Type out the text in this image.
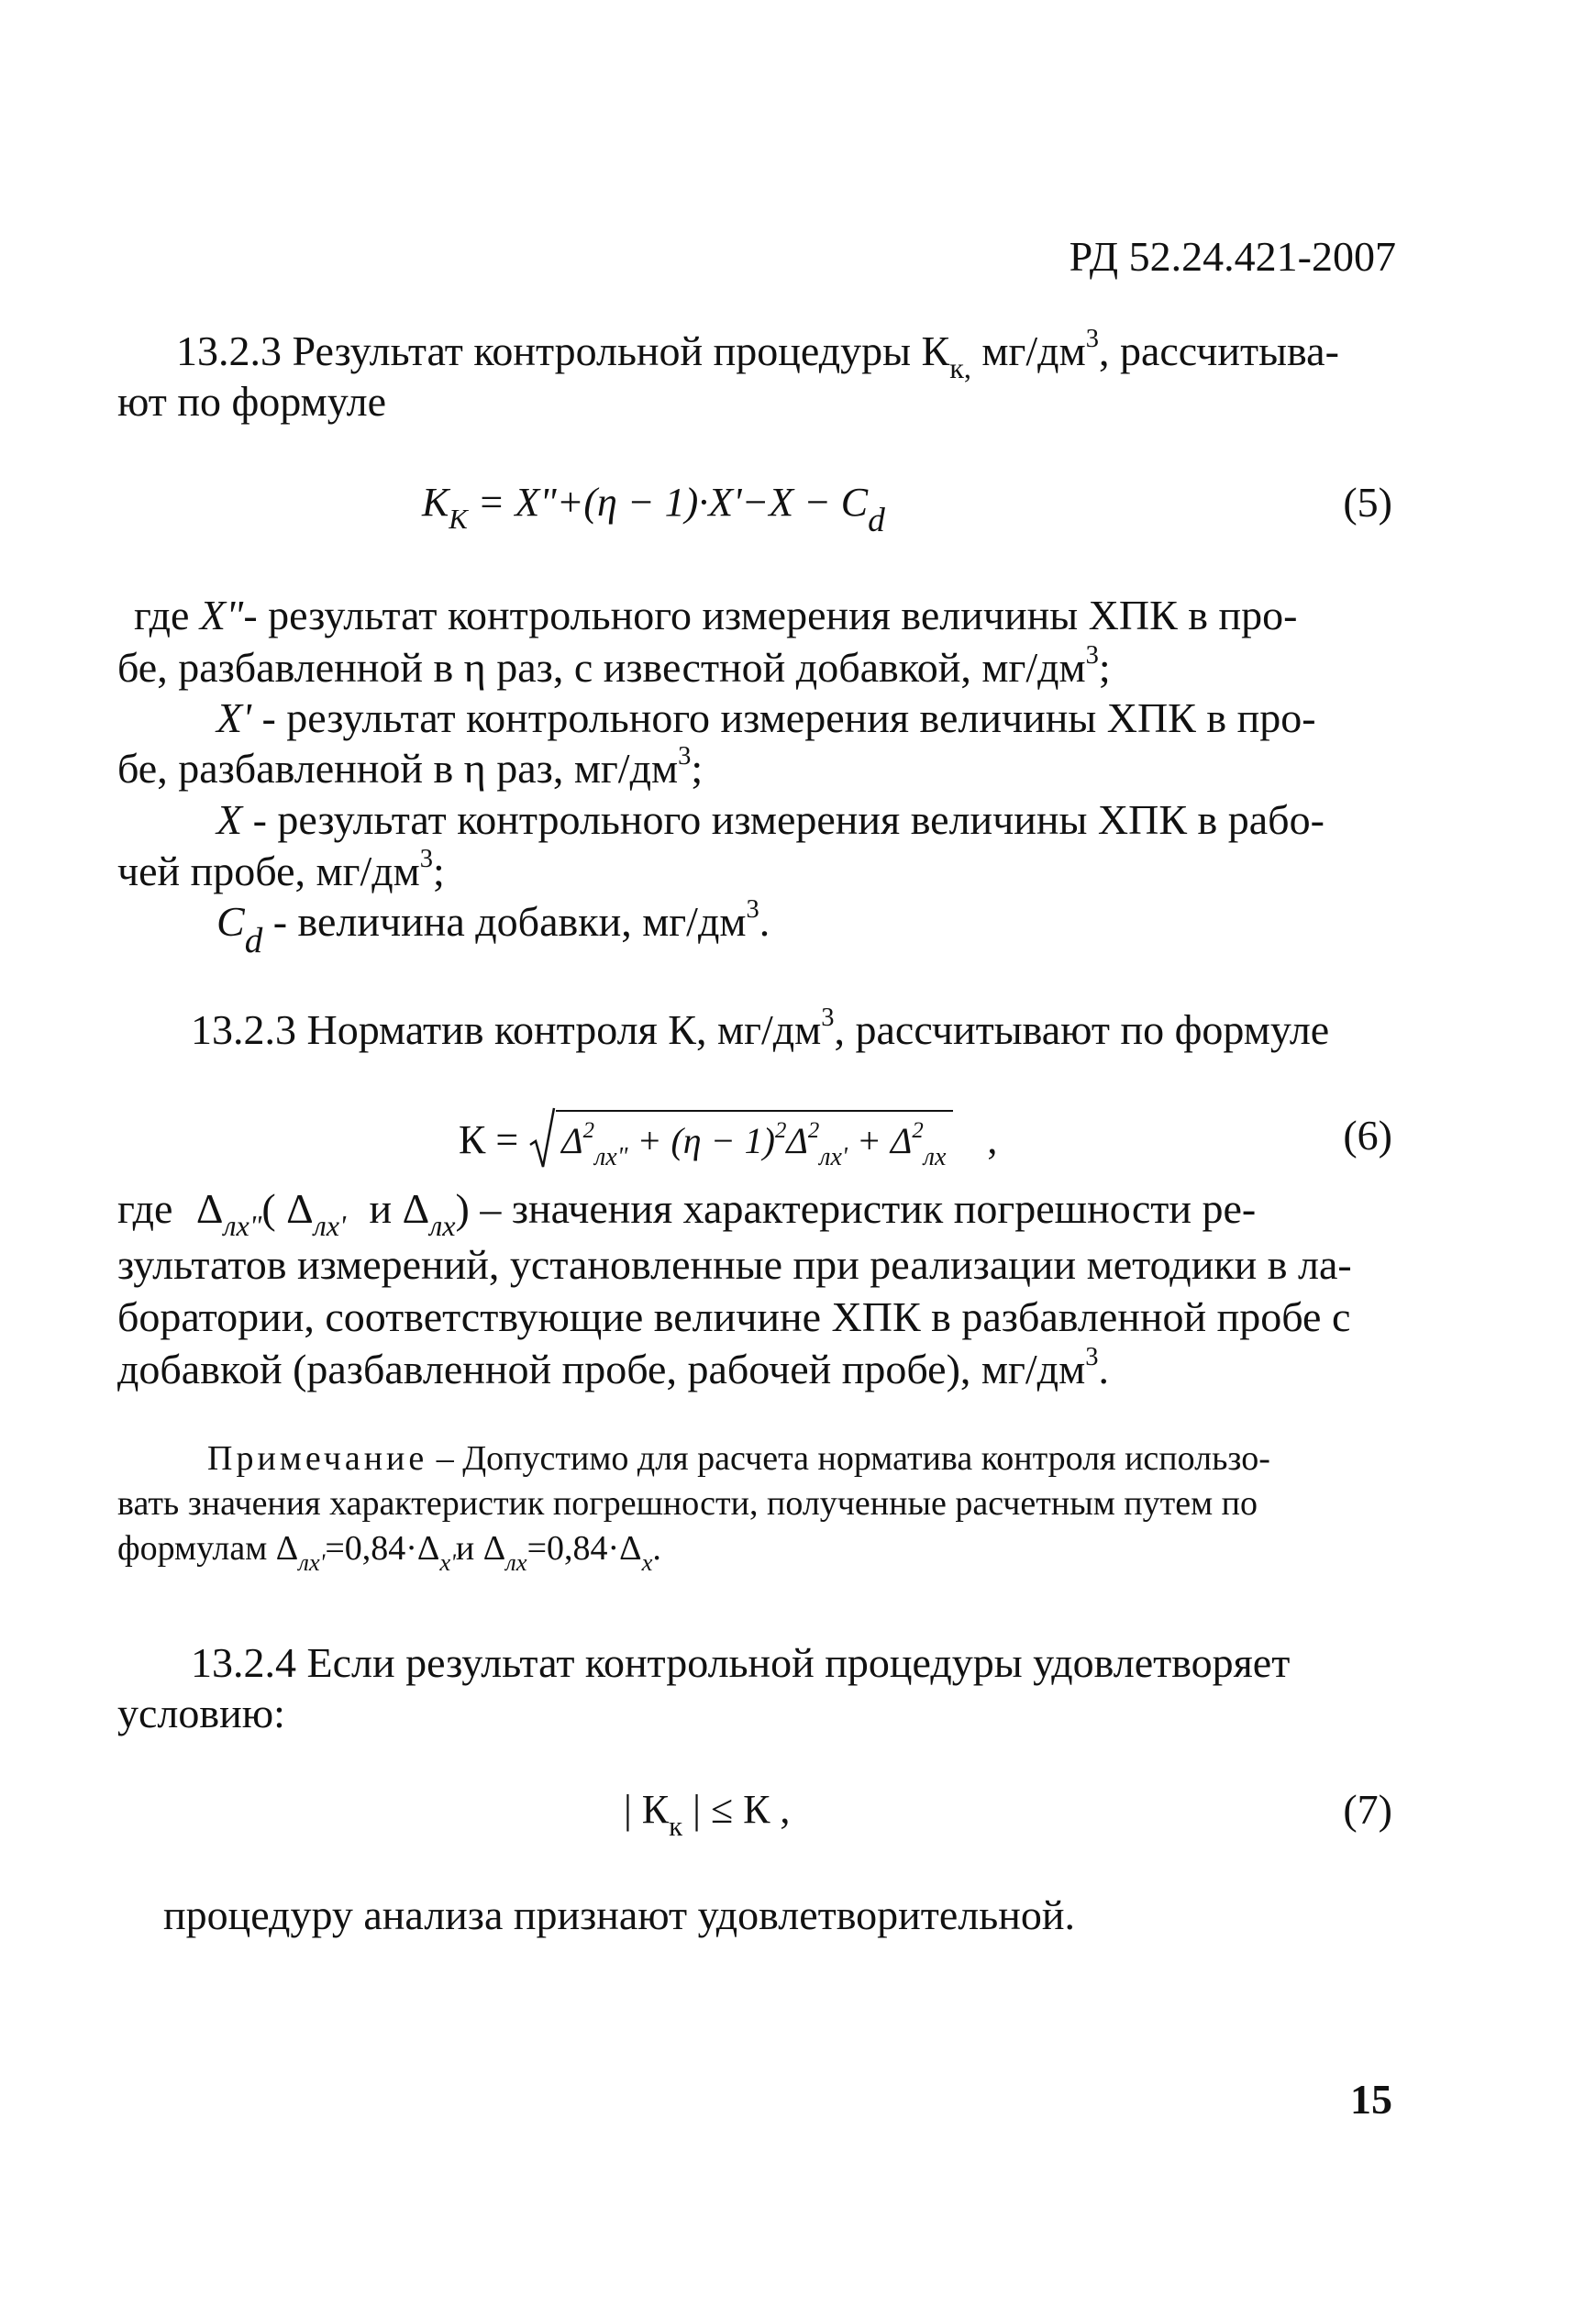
РД 52.24.421-2007
13.2.3 Результат контрольной процедуры $К_{к,}$ $мг/дм^3$, рассчитыва-
ют по формуле
$К_К$ = X"+(η − $1)\cdot X'-X - C_d$	(5)
где X"- результат контрольного измерения величины ХПК в про-
бе, разбавленной в η раз, с известной добавкой, $мг/дм^3$;
X' - результат контрольного измерения величины ХПК в про-
бе, разбавленной в η раз, $мг/дм^3$;
X - результат контрольного измерения величины ХПК в рабо-
чей пробе, $мг/дм^3$;
$C_d$ - величина добавки, $мг/дм^3$.
13.2.3 Норматив контроля К, $мг/дм^3$, рассчитывают по формуле
$К = \Delta^2_{лх"} + (\eta - 1)^2\Delta^2_{лх'} + \Delta^2_{лх}$ ,	(6)
где $\Delta_{лх"}$( $\Delta_{лх'}$ и $\Delta_{лх}$) – значения характеристик погрешности ре-
зультатов измерений, установленные при реализации методики в ла-
боратории, соответствующие величине ХПК в разбавленной пробе с
добавкой (разбавленной пробе, рабочей пробе), $мг/дм^3$.
Примечание – Допустимо для расчета норматива контроля использо-
вать значения характеристик погрешности, полученные расчетным путем по
формулам $\Delta_{лх'}=0,84\cdot\Delta_{x'}и$ $\Delta_{лх}=0,84\cdot\Delta_x$.
13.2.4 Если результат контрольной процедуры удовлетворяет
условию:
| $К_к$ | ≤ К ,	(7)
процедуру анализа признают удовлетворительной.
15
